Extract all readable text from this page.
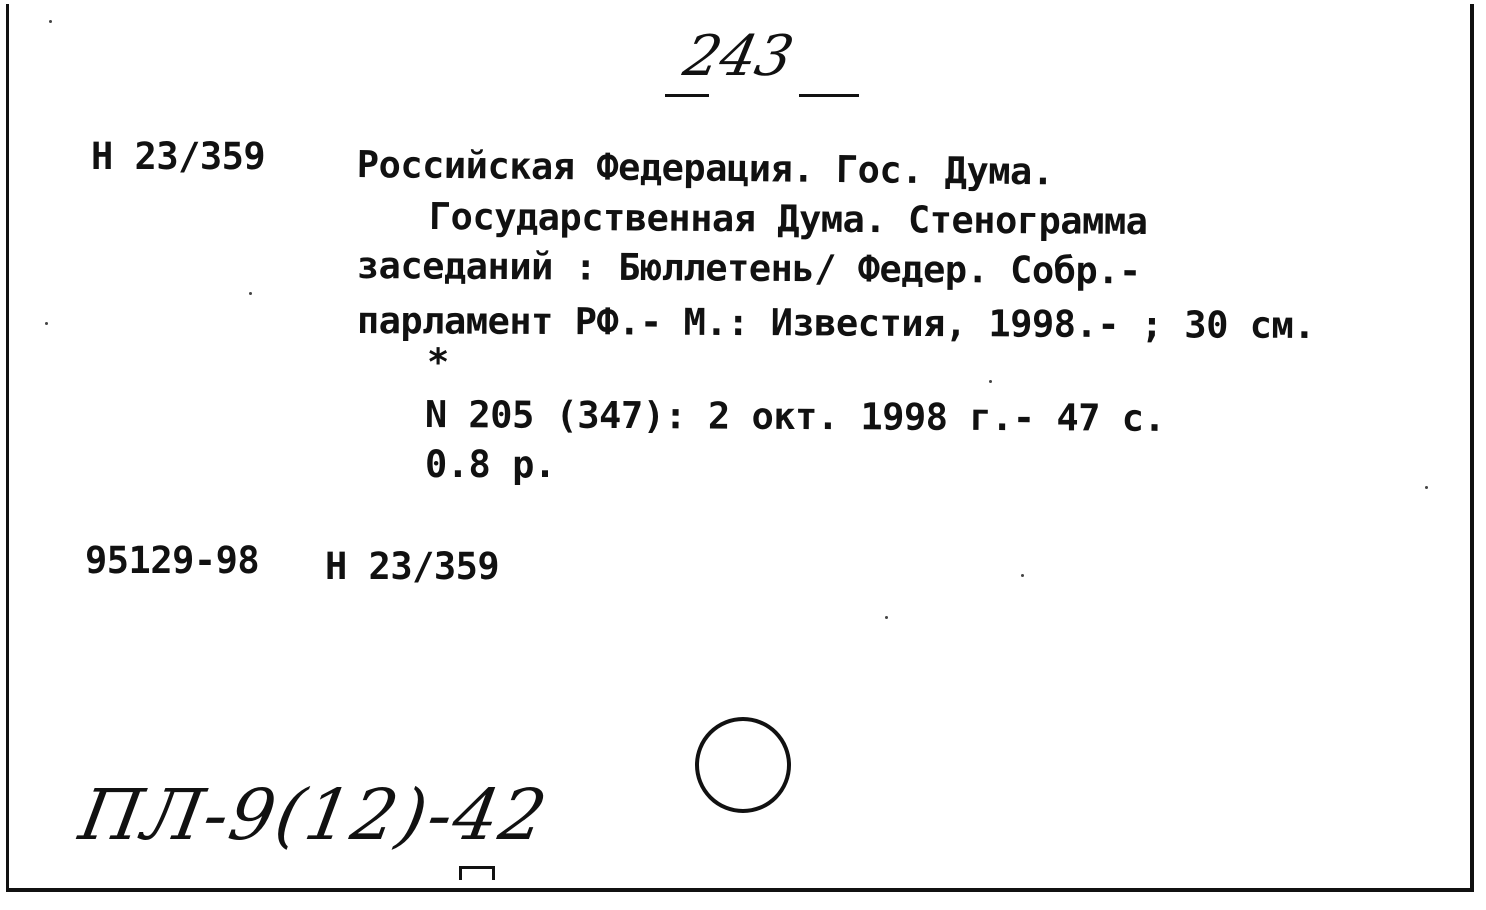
243
Н 23/359 Российская Федерация. Гос. Дума.
Государственная Дума. Стенограмма
заседаний : Бюллетень/ Федер. Собр.-
парламент РФ.- М.: Известия, 1998.- ; 30 см.
*
N 205 (347): 2 окт. 1998 г.- 47 с.
0.8 р.
95129-98 Н 23/359
ПЛ-9(12)-42
